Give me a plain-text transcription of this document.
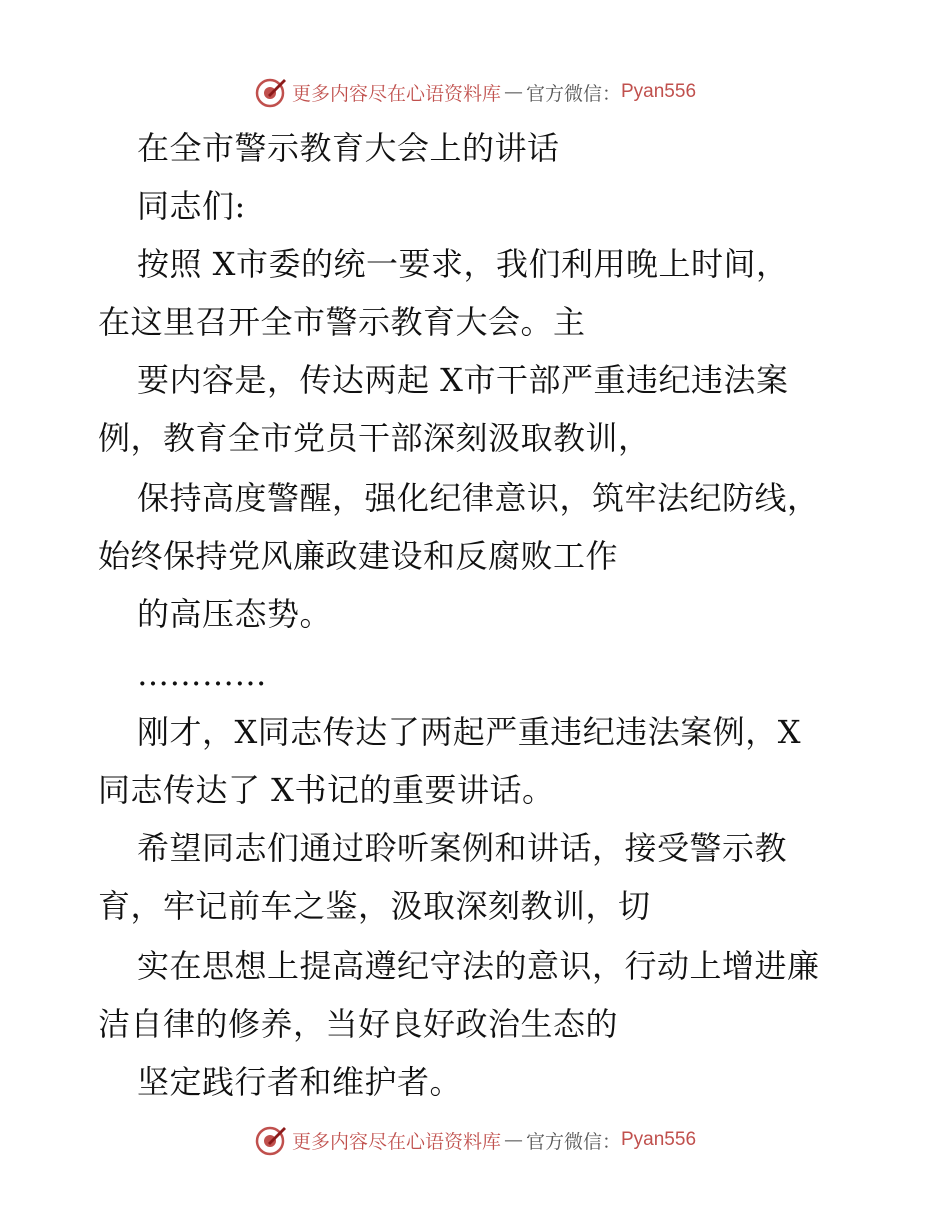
更多内容尽在心语资料库 — 官方微信： Pyan556
在全市警示教育大会上的讲话
同志们:
按照 X市委的统一要求，我们利用晚上时间，
在这里召开全市警示教育大会。主
要内容是，传达两起 X市干部严重违纪违法案
例，教育全市党员干部深刻汲取教训，
保持高度警醒，强化纪律意识，筑牢法纪防线，
始终保持党风廉政建设和反腐败工作
的高压态势。
…………
刚才，X同志传达了两起严重违纪违法案例，X
同志传达了 X书记的重要讲话。
希望同志们通过聆听案例和讲话，接受警示教
育，牢记前车之鉴，汲取深刻教训，切
实在思想上提高遵纪守法的意识，行动上增进廉
洁自律的修养，当好良好政治生态的
坚定践行者和维护者。
更多内容尽在心语资料库 — 官方微信： Pyan556
